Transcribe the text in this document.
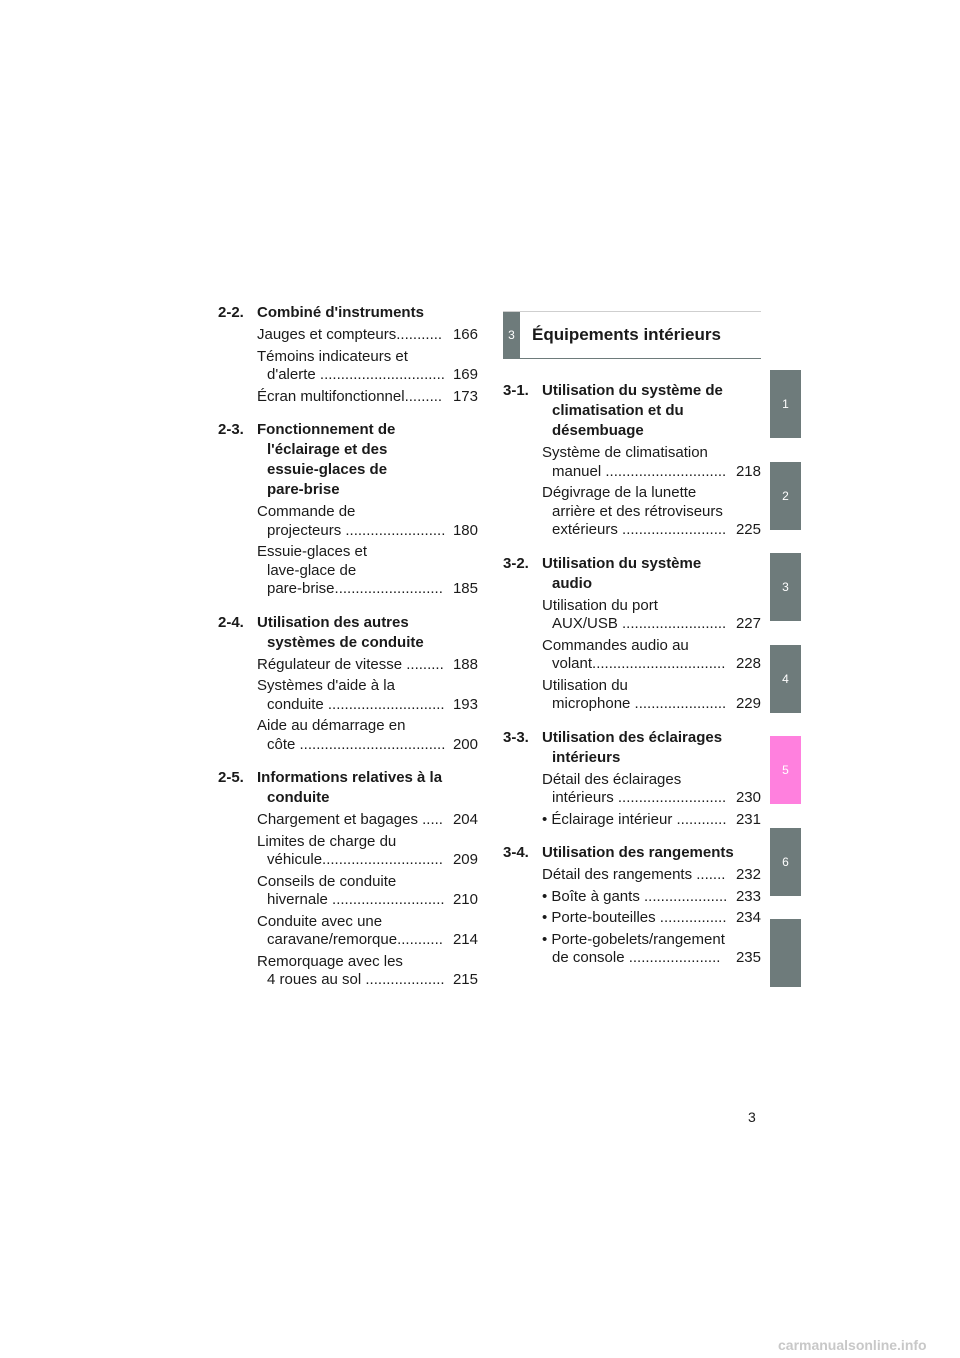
2-2. Combiné d'instruments
Jauges et compteurs........... 166
Témoins indicateurs et
d'alerte .............................. 169
Écran multifonctionnel......... 173
2-3. Fonctionnement de
l'éclairage et des
essuie-glaces de
pare-brise
Commande de
projecteurs ........................ 180
Essuie-glaces et
lave-glace de
pare-brise.......................... 185
2-4. Utilisation des autres
systèmes de conduite
Régulateur de vitesse ......... 188
Systèmes d'aide à la
conduite ............................ 193
Aide au démarrage en
côte ................................... 200
2-5. Informations relatives à la
conduite
Chargement et bagages ..... 204
Limites de charge du
véhicule............................. 209
Conseils de conduite
hivernale ........................... 210
Conduite avec une
caravane/remorque........... 214
Remorquage avec les
4 roues au sol ................... 215
3	Équipements intérieurs
3-1. Utilisation du système de
climatisation et du
désembuage
Système de climatisation
manuel ............................. 218
Dégivrage de la lunette
arrière et des rétroviseurs
extérieurs ......................... 225
3-2. Utilisation du système
audio
Utilisation du port
AUX/USB ......................... 227
Commandes audio au
volant................................ 228
Utilisation du
microphone ...................... 229
3-3. Utilisation des éclairages
intérieurs
Détail des éclairages
intérieurs .......................... 230
• Éclairage intérieur ............ 231
3-4. Utilisation des rangements
Détail des rangements ....... 232
• Boîte à gants .................... 233
• Porte-bouteilles ................ 234
• Porte-gobelets/rangement
de console ......................	235
1
2
3
4
5
6
3
carmanualsonline.info
